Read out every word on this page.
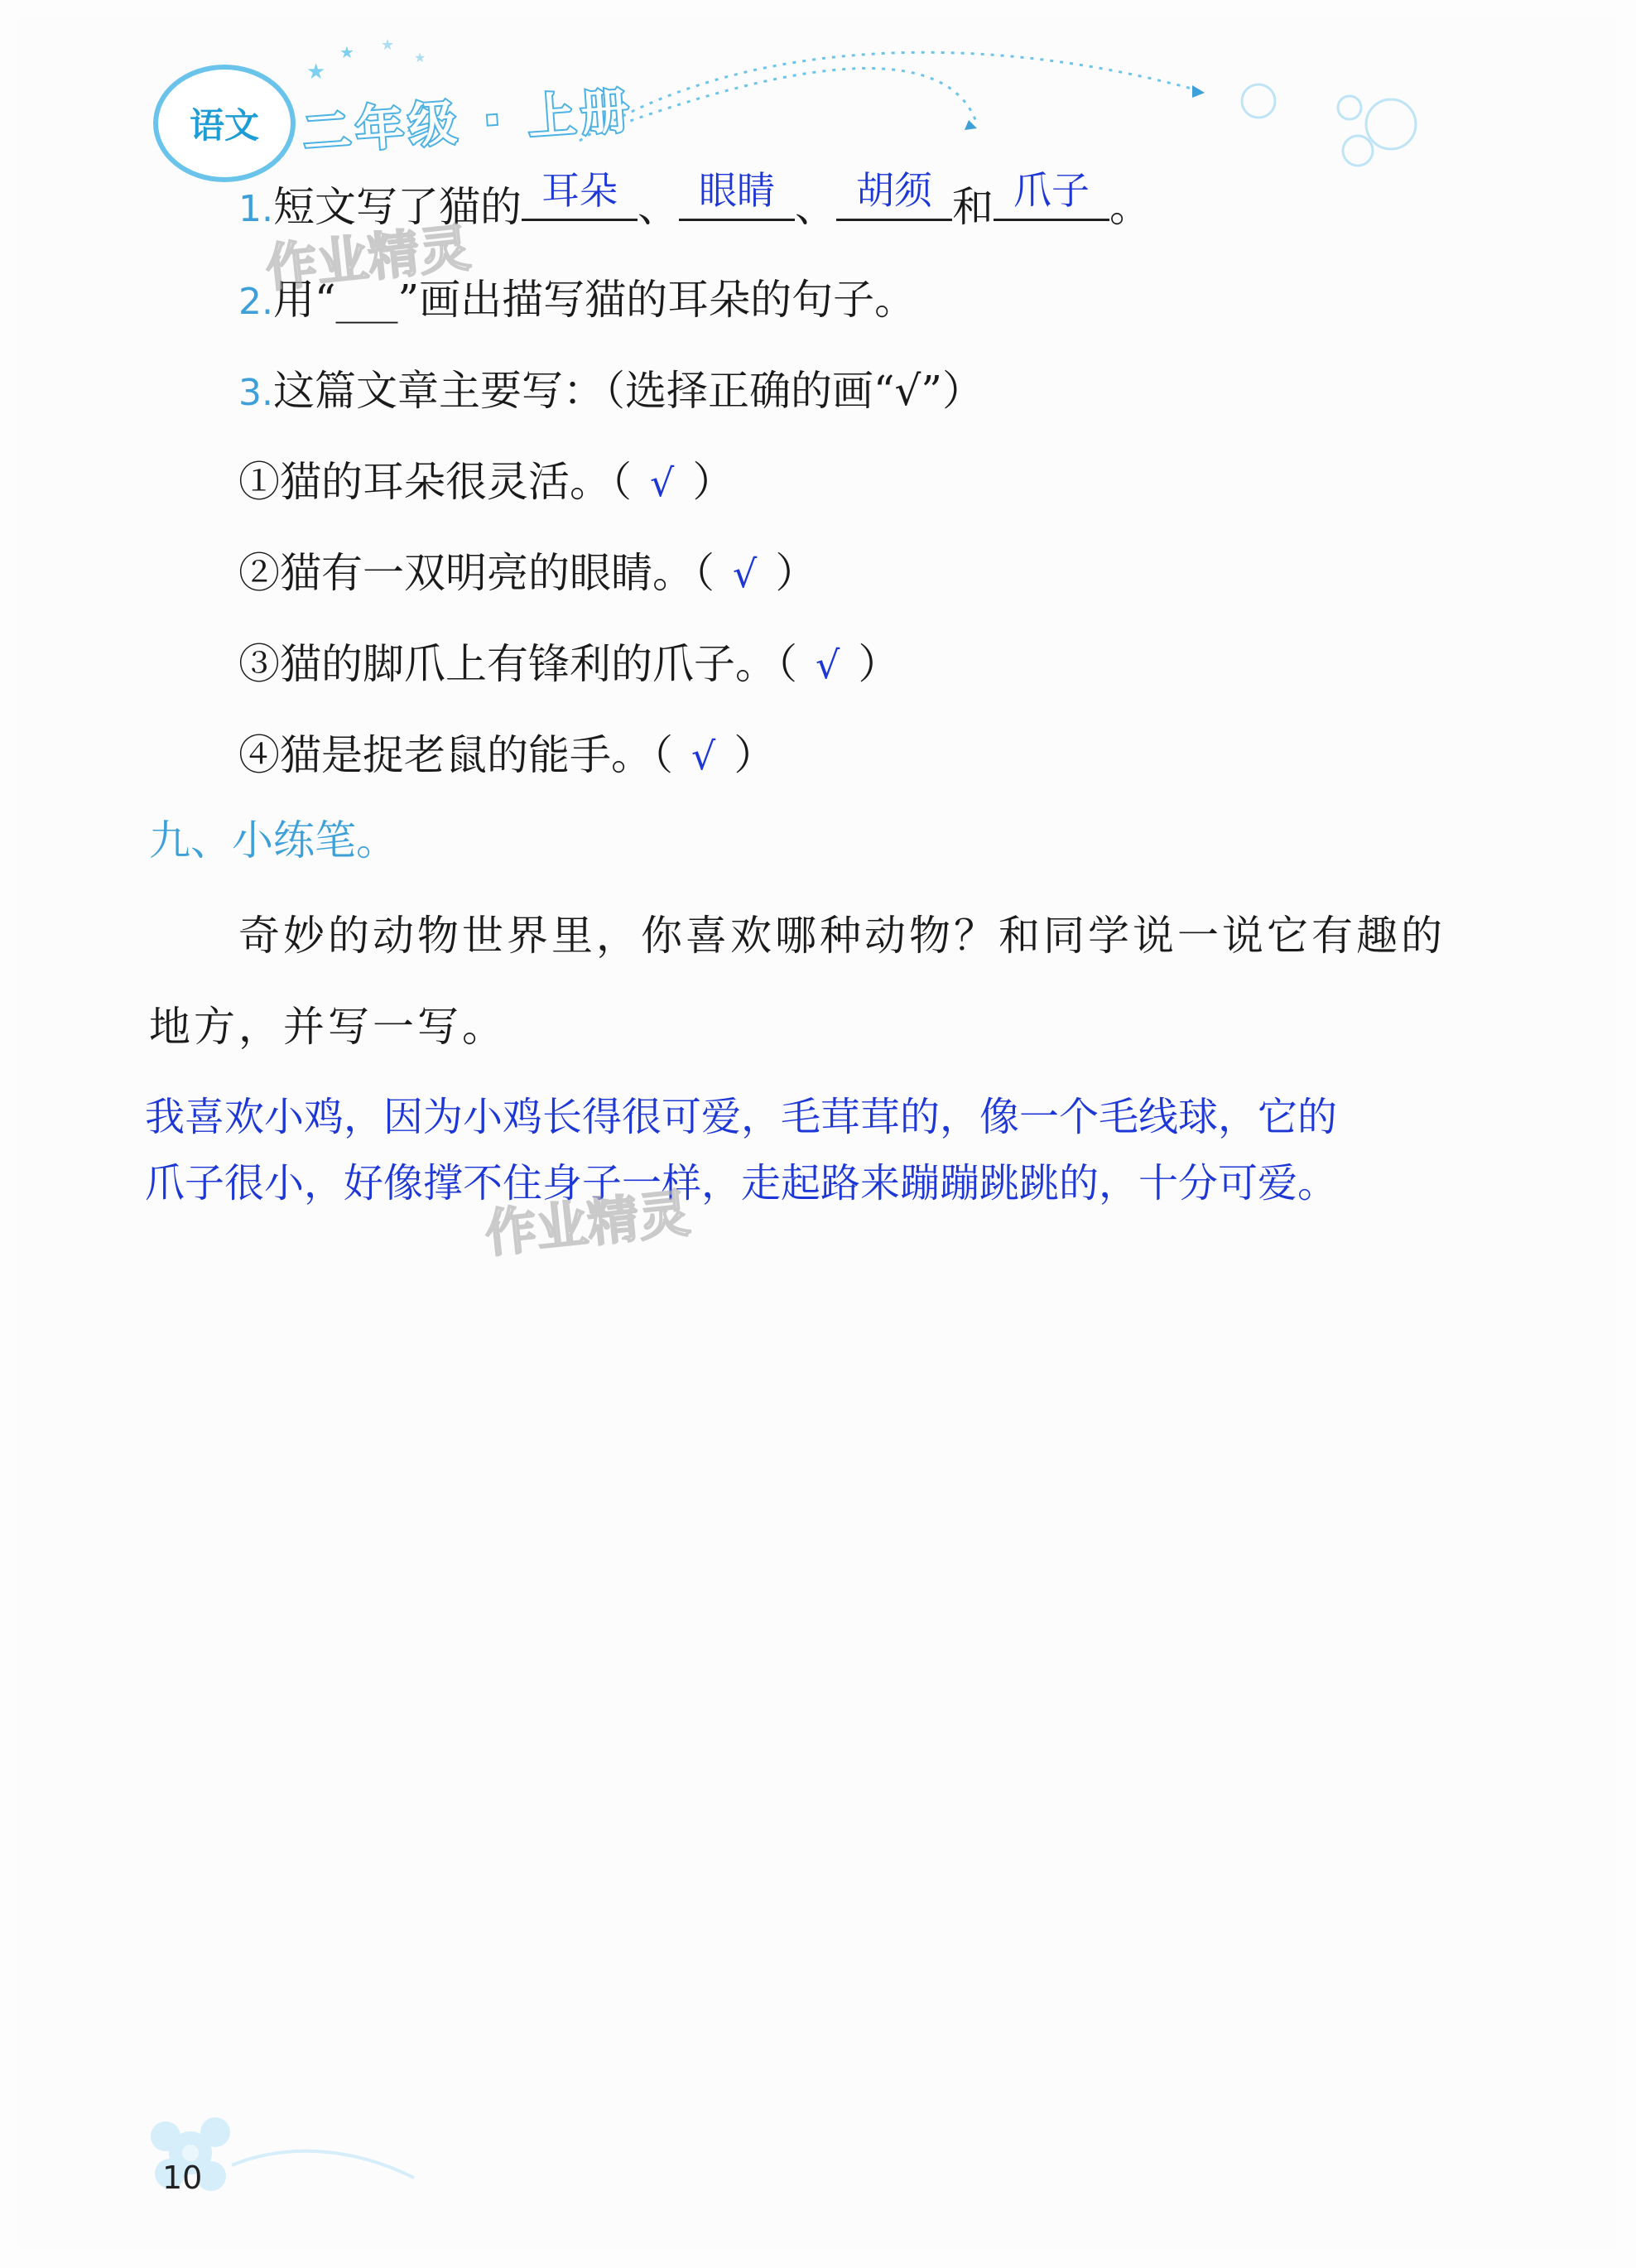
★
★ ★
★
语文 二年级 · 上册
1.短文写了猫的 耳朵 、 眼睛 、 胡须 和 爪子 。
2.用“___”画出描写猫的耳朵的句子。
3.这篇文章主要写：（选择正确的画“√”）
①猫的耳朵很灵活。（ √ ）
②猫有一双明亮的眼睛。（ √ ）
③猫的脚爪上有锋利的爪子。（ √ ）
④猫是捉老鼠的能手。（ √ ）
九、小练笔。
奇妙的动物世界里，你喜欢哪种动物？和同学说一说它有趣的
地方，并写一写。
我喜欢小鸡，因为小鸡长得很可爱，毛茸茸的，像一个毛线球，它的
爪子很小，好像撑不住身子一样，走起路来蹦蹦跳跳的，十分可爱。
作业精灵
作业精灵
10
